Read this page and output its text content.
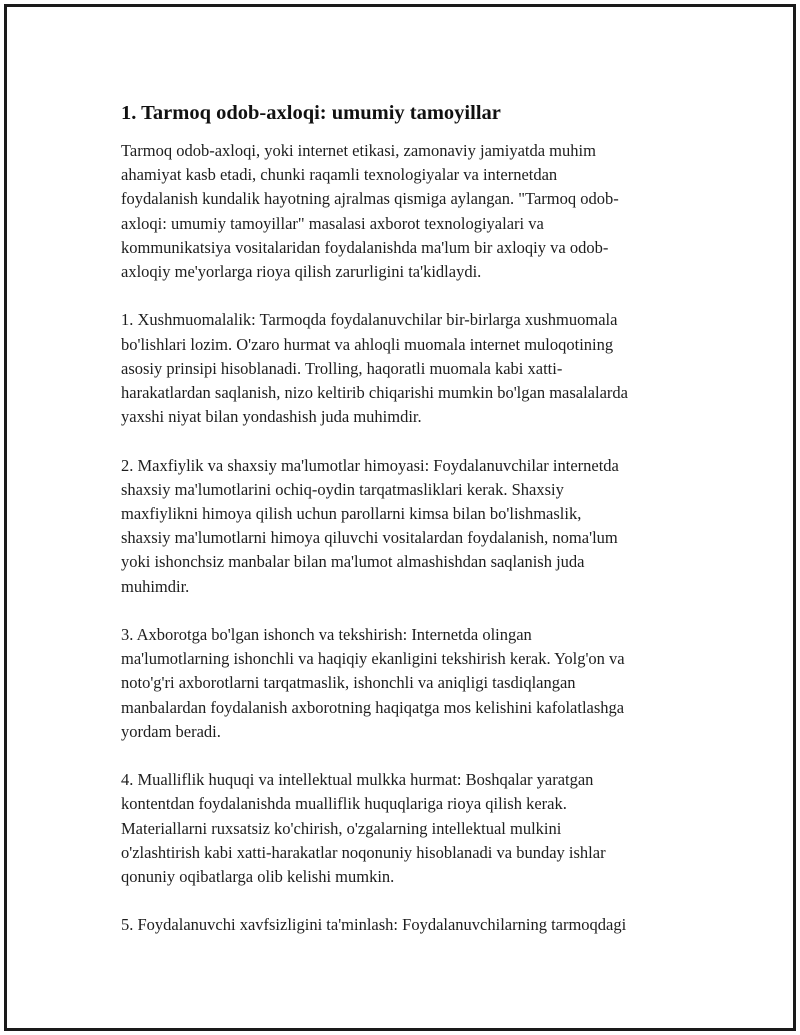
1. Tarmoq odob-axloqi: umumiy tamoyillar

Tarmoq odob-axloqi, yoki internet etikasi, zamonaviy jamiyatda muhim
ahamiyat kasb etadi, chunki raqamli texnologiyalar va internetdan
foydalanish kundalik hayotning ajralmas qismiga aylangan. "Tarmoq odob-
axloqi: umumiy tamoyillar" masalasi axborot texnologiyalari va
kommunikatsiya vositalaridan foydalanishda ma'lum bir axloqiy va odob-
axloqiy me'yorlarga rioya qilish zarurligini ta'kidlaydi.

1. Xushmuomalalik: Tarmoqda foydalanuvchilar bir-birlarga xushmuomala
bo'lishlari lozim. O'zaro hurmat va ahloqli muomala internet muloqotining
asosiy prinsipi hisoblanadi. Trolling, haqoratli muomala kabi xatti-
harakatlardan saqlanish, nizo keltirib chiqarishi mumkin bo'lgan masalalarda
yaxshi niyat bilan yondashish juda muhimdir.

2. Maxfiylik va shaxsiy ma'lumotlar himoyasi: Foydalanuvchilar internetda
shaxsiy ma'lumotlarini ochiq-oydin tarqatmasliklari kerak. Shaxsiy
maxfiylikni himoya qilish uchun parollarni kimsa bilan bo'lishmaslik,
shaxsiy ma'lumotlarni himoya qiluvchi vositalardan foydalanish, noma'lum
yoki ishonchsiz manbalar bilan ma'lumot almashishdan saqlanish juda
muhimdir.

3. Axborotga bo'lgan ishonch va tekshirish: Internetda olingan
ma'lumotlarning ishonchli va haqiqiy ekanligini tekshirish kerak. Yolg'on va
noto'g'ri axborotlarni tarqatmaslik, ishonchli va aniqligi tasdiqlangan
manbalardan foydalanish axborotning haqiqatga mos kelishini kafolatlashga
yordam beradi.

4. Mualliflik huquqi va intellektual mulkka hurmat: Boshqalar yaratgan
kontentdan foydalanishda mualliflik huquqlariga rioya qilish kerak.
Materiallarni ruxsatsiz ko'chirish, o'zgalarning intellektual mulkini
o'zlashtirish kabi xatti-harakatlar noqonuniy hisoblanadi va bunday ishlar
qonuniy oqibatlarga olib kelishi mumkin.

5. Foydalanuvchi xavfsizligini ta'minlash: Foydalanuvchilarning tarmoqdagi
